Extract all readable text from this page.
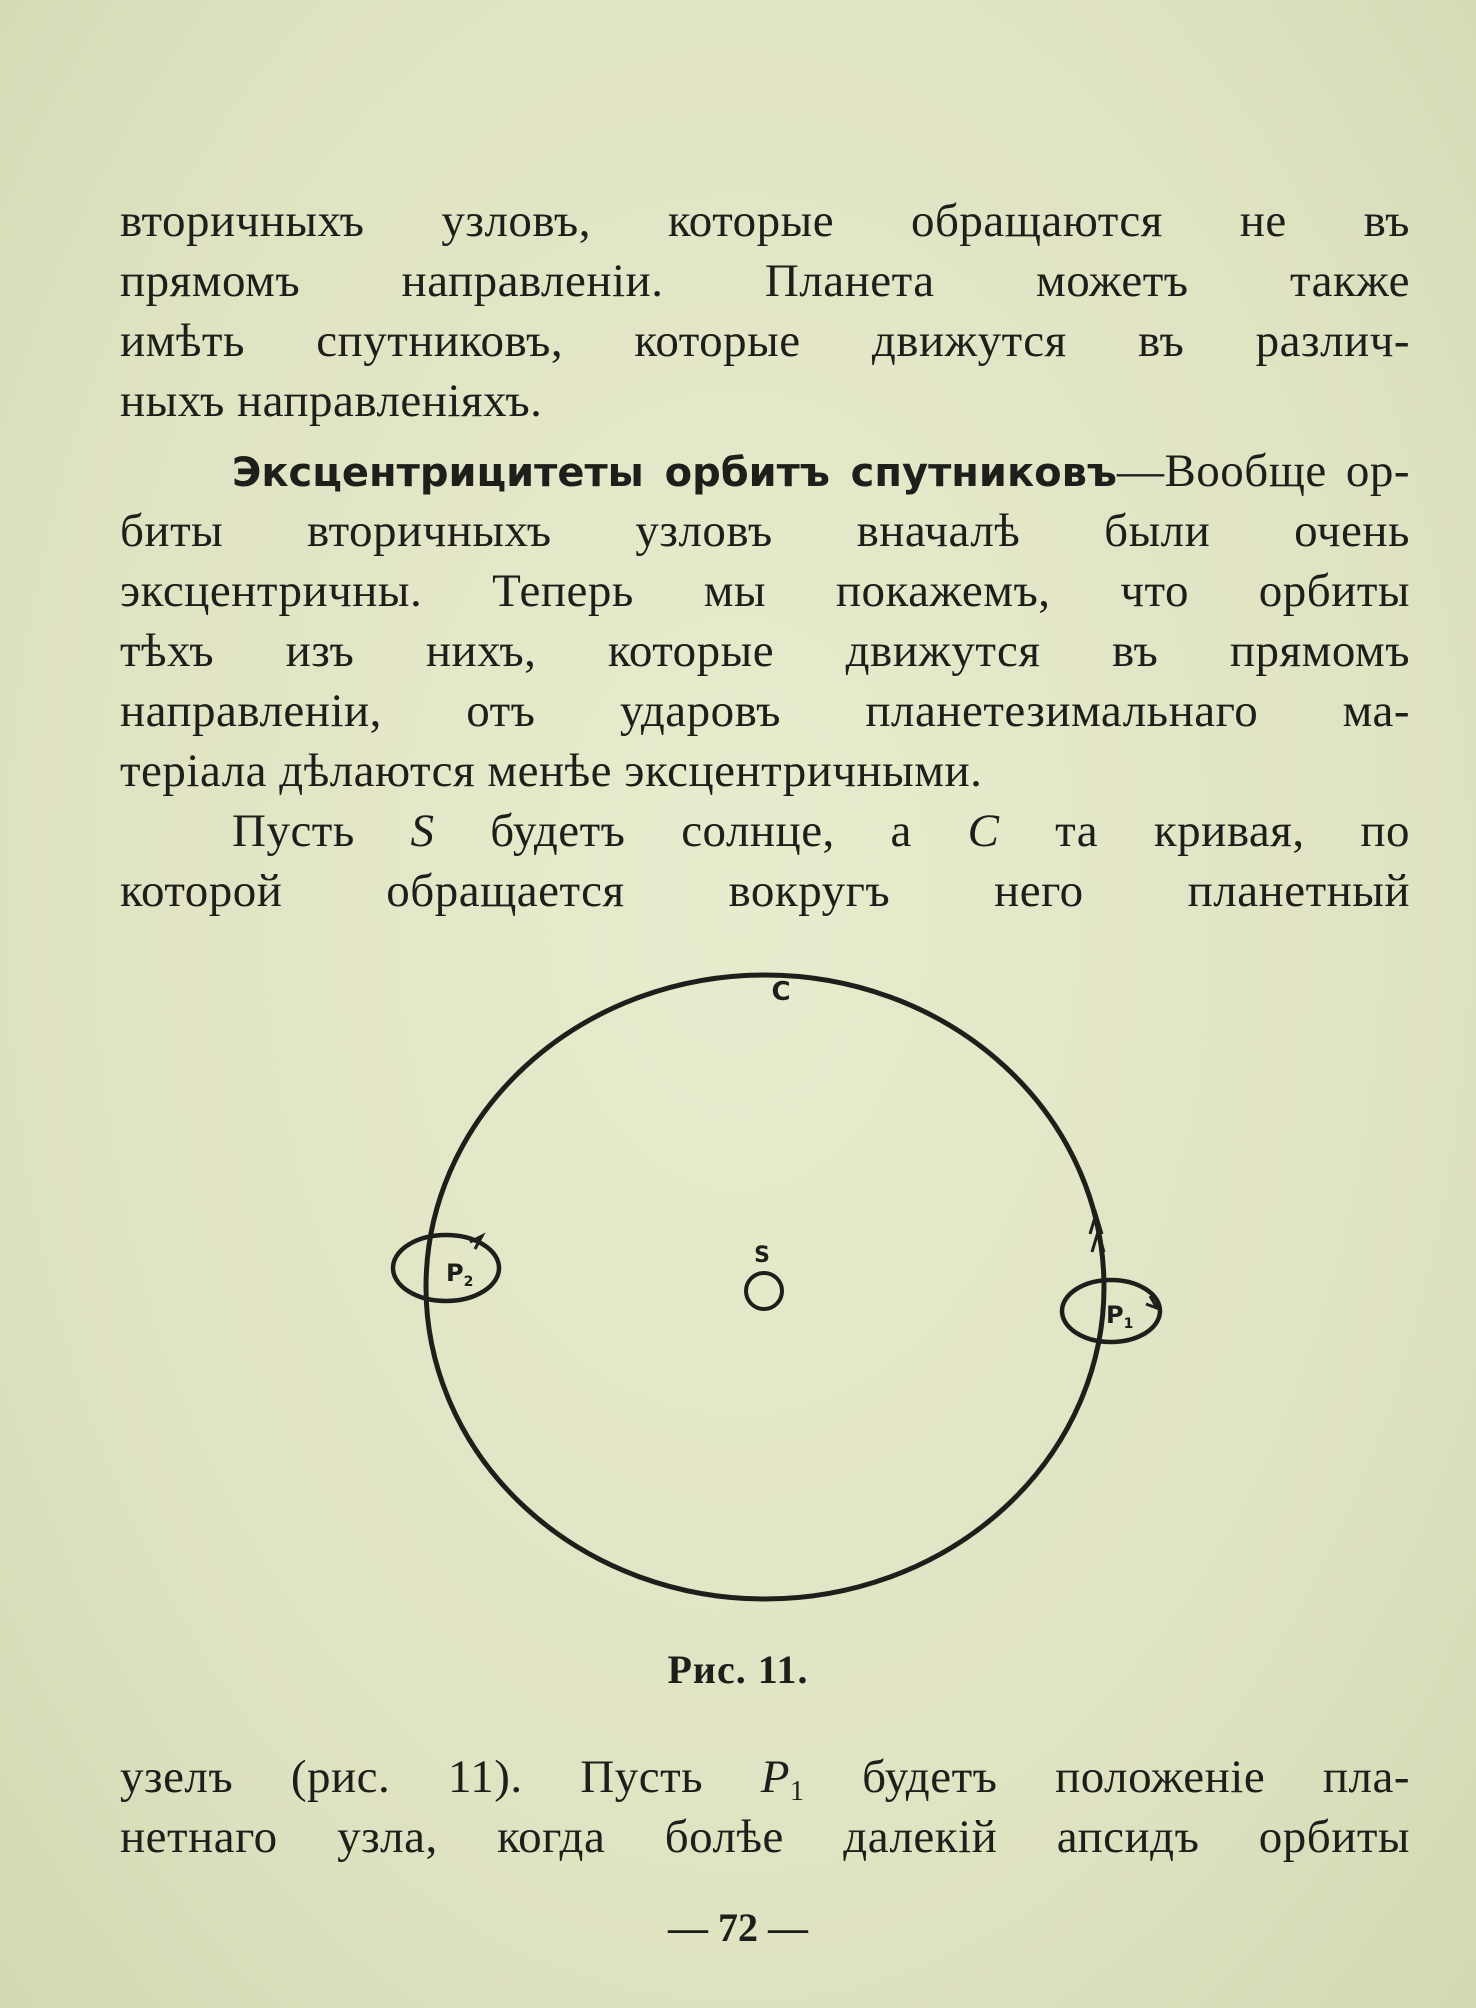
вторичныхъ узловъ, которые обращаются не въ
прямомъ направленіи. Планета можетъ также
имѣть спутниковъ, которые движутся въ различ-
ныхъ направленіяхъ.
Эксцентрицитеты орбитъ спутниковъ—Вообще ор-
биты вторичныхъ узловъ вначалѣ были очень
эксцентричны. Теперь мы покажемъ, что орбиты
тѣхъ изъ нихъ, которые движутся въ прямомъ
направленіи, отъ ударовъ планетезимальнаго ма-
теріала дѣлаются менѣе эксцентричными.
Пусть S будетъ солнце, а C та кривая, по
которой обращается вокругъ него планетный
C
S
$P_2$
$P_1$
Рис. 11.
узелъ (рис. 11). Пусть $P_1$ будетъ положеніе пла-
нетнаго узла, когда болѣе далекій апсидъ орбиты
— 72 —
